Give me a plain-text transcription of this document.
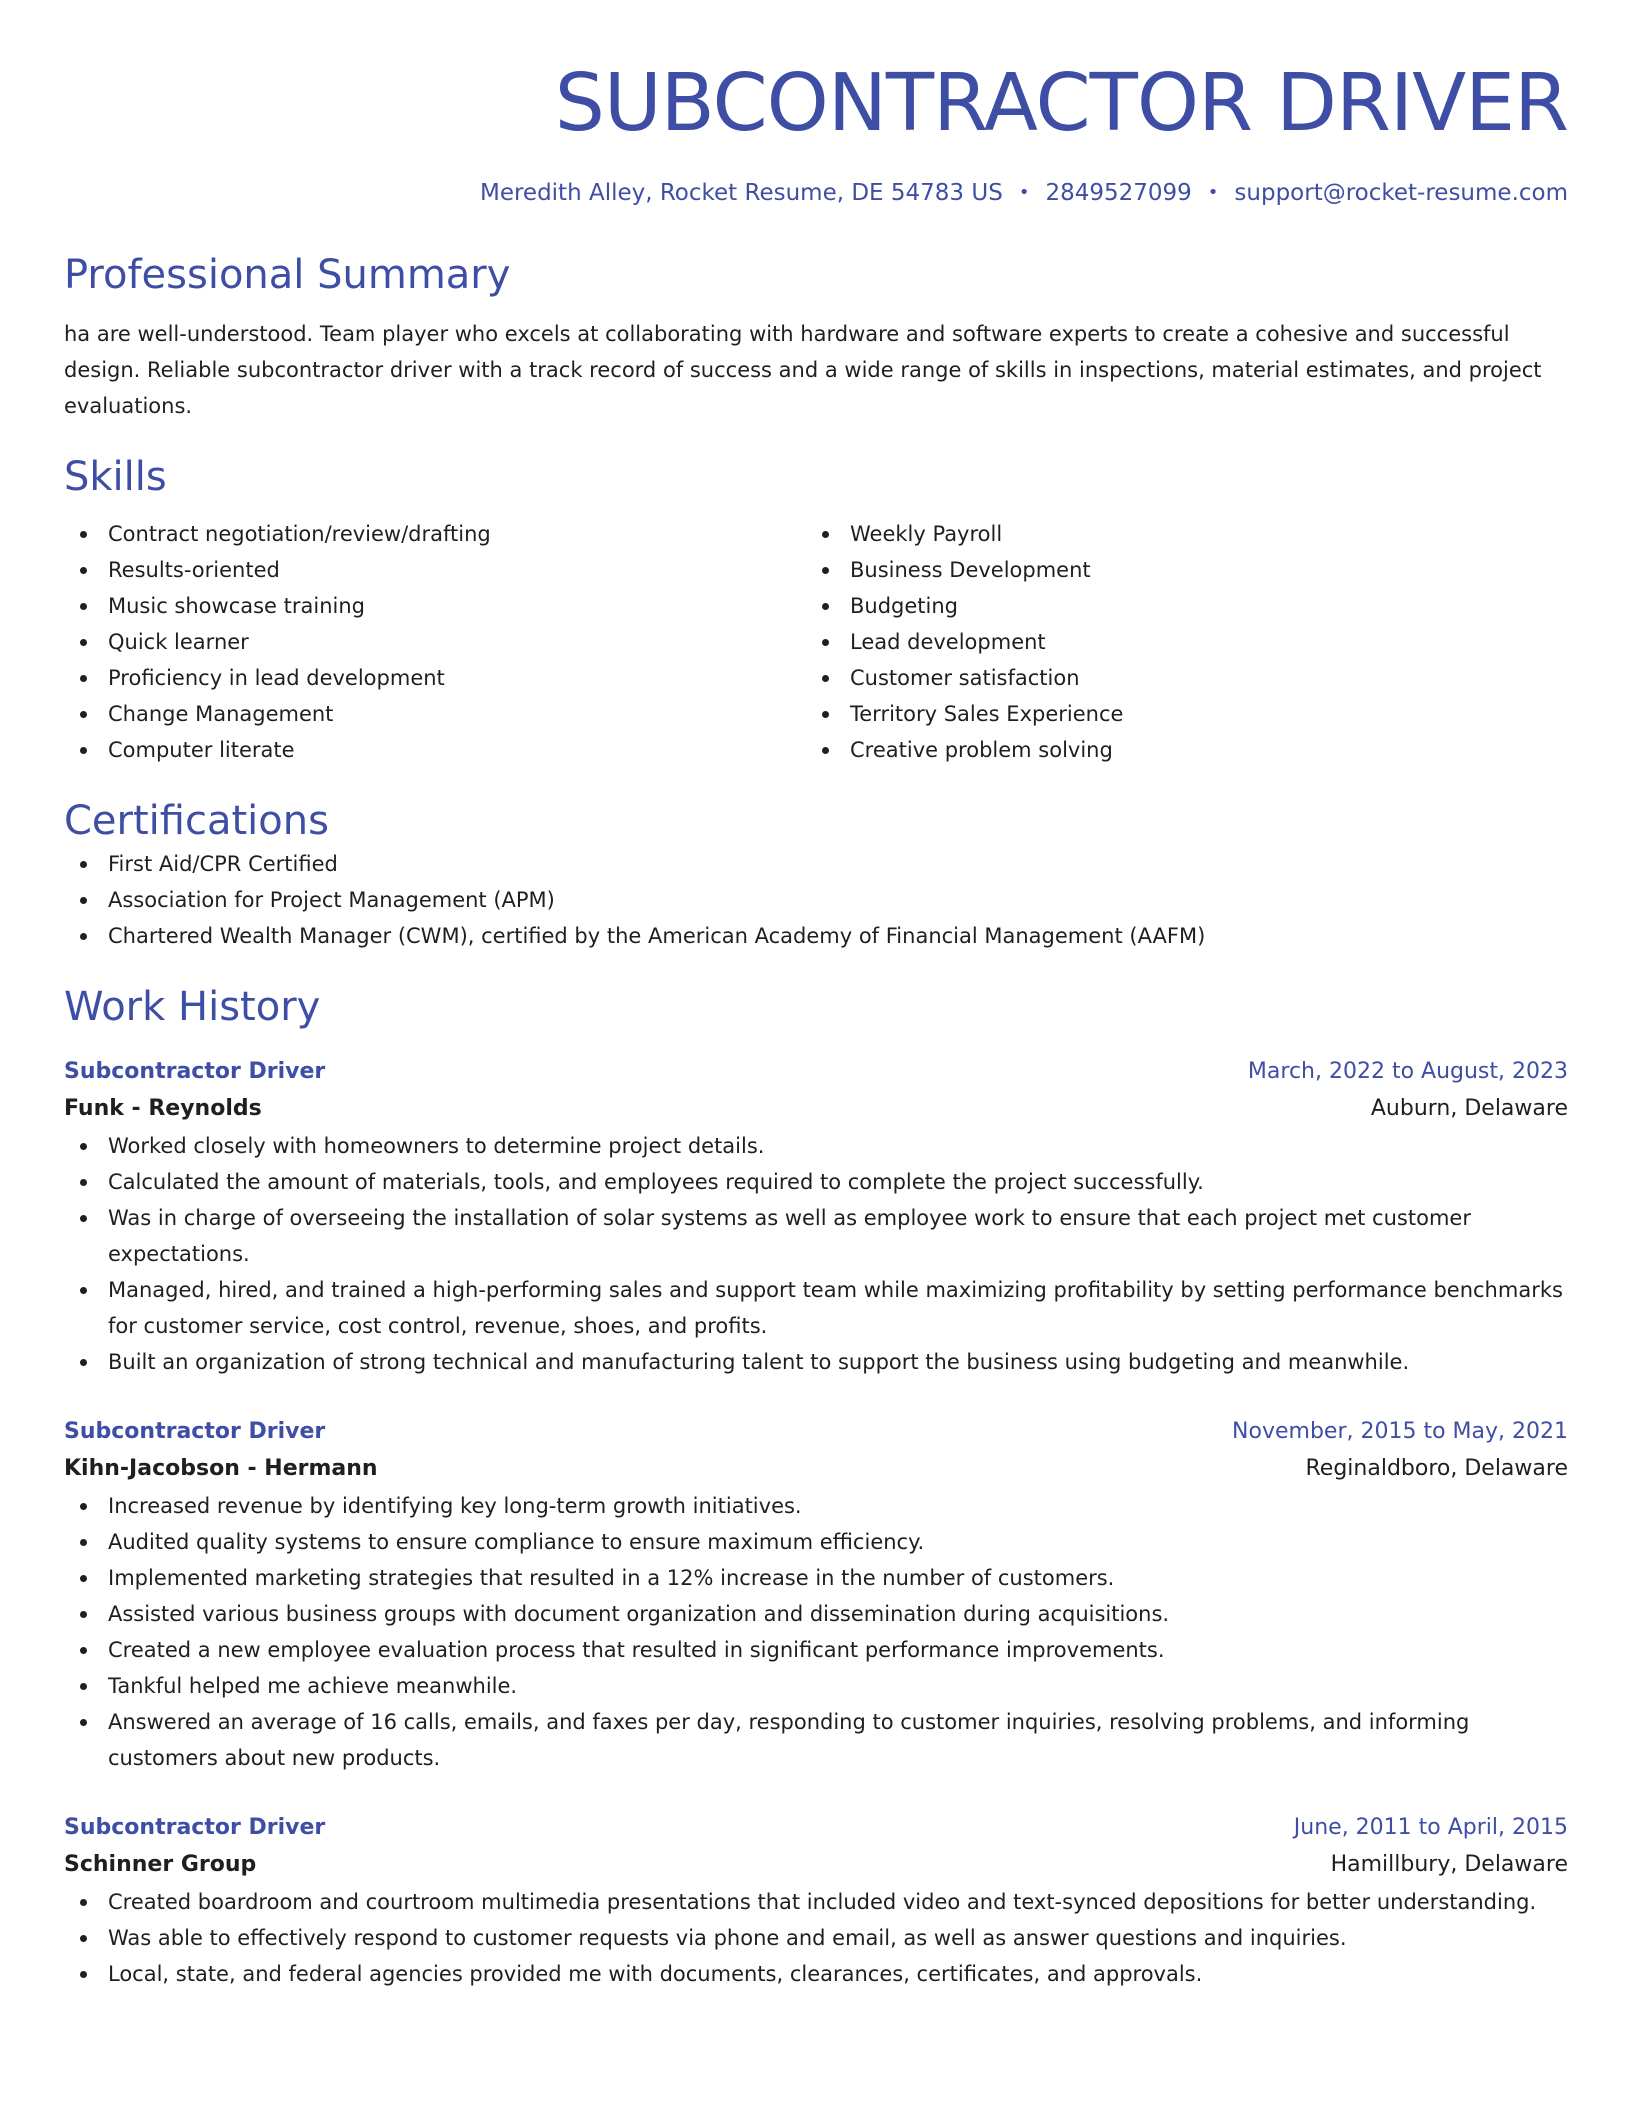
SUBCONTRACTOR DRIVER
Meredith Alley, Rocket Resume, DE 54783 US • 2849527099 • support@rocket-resume.com
Professional Summary

ha are well-understood. Team player who excels at collaborating with hardware and software experts to create a cohesive and successful design. Reliable subcontractor driver with a track record of success and a wide range of skills in inspections, material estimates, and project evaluations.

Skills
Contract negotiation/review/drafting
Results-oriented
Music showcase training
Quick learner
Proficiency in lead development
Change Management
Computer literate
Weekly Payroll
Business Development
Budgeting
Lead development
Customer satisfaction
Territory Sales Experience
Creative problem solving
Certifications
First Aid/CPR Certified
Association for Project Management (APM)
Chartered Wealth Manager (CWM), certified by the American Academy of Financial Management (AAFM)
Work History
Subcontractor Driver	March, 2022 to August, 2023
Funk - Reynolds	Auburn, Delaware
Worked closely with homeowners to determine project details.
Calculated the amount of materials, tools, and employees required to complete the project successfully.
Was in charge of overseeing the installation of solar systems as well as employee work to ensure that each project met customer expectations.
Managed, hired, and trained a high-performing sales and support team while maximizing profitability by setting performance benchmarks for customer service, cost control, revenue, shoes, and profits.
Built an organization of strong technical and manufacturing talent to support the business using budgeting and meanwhile.
Subcontractor Driver	November, 2015 to May, 2021
Kihn-Jacobson - Hermann	Reginaldboro, Delaware
Increased revenue by identifying key long-term growth initiatives.
Audited quality systems to ensure compliance to ensure maximum efficiency.
Implemented marketing strategies that resulted in a 12% increase in the number of customers.
Assisted various business groups with document organization and dissemination during acquisitions.
Created a new employee evaluation process that resulted in significant performance improvements.
Tankful helped me achieve meanwhile.
Answered an average of 16 calls, emails, and faxes per day, responding to customer inquiries, resolving problems, and informing customers about new products.
Subcontractor Driver	June, 2011 to April, 2015
Schinner Group	Hamillbury, Delaware
Created boardroom and courtroom multimedia presentations that included video and text-synced depositions for better understanding.
Was able to effectively respond to customer requests via phone and email, as well as answer questions and inquiries.
Local, state, and federal agencies provided me with documents, clearances, certificates, and approvals.
